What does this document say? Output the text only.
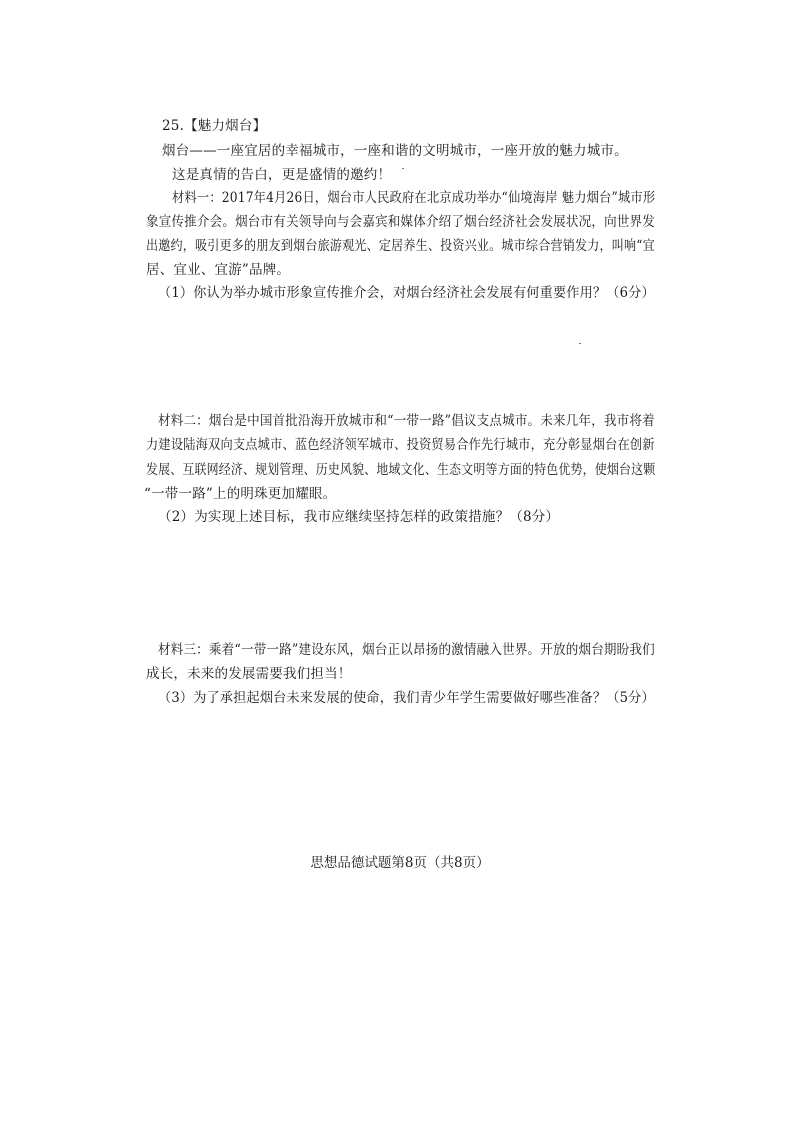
25.【魅力烟台】
烟台——一座宜居的幸福城市，一座和谐的文明城市，一座开放的魅力城市。
这是真情的告白，更是盛情的邀约！
材料一：2017年4月26日，烟台市人民政府在北京成功举办“仙境海岸 魅力烟台”城市形
象宣传推介会。烟台市有关领导向与会嘉宾和媒体介绍了烟台经济社会发展状况，向世界发
出邀约，吸引更多的朋友到烟台旅游观光、定居养生、投资兴业。城市综合营销发力，叫响“宜
居、宜业、宜游”品牌。
（1）你认为举办城市形象宣传推介会，对烟台经济社会发展有何重要作用？（6分）
材料二：烟台是中国首批沿海开放城市和“一带一路”倡议支点城市。未来几年，我市将着
力建设陆海双向支点城市、蓝色经济领军城市、投资贸易合作先行城市，充分彰显烟台在创新
发展、互联网经济、规划管理、历史风貌、地域文化、生态文明等方面的特色优势，使烟台这颗
“一带一路”上的明珠更加耀眼。
（2）为实现上述目标，我市应继续坚持怎样的政策措施？（8分）
材料三：乘着“一带一路”建设东风，烟台正以昂扬的激情融入世界。开放的烟台期盼我们
成长，未来的发展需要我们担当！
（3）为了承担起烟台未来发展的使命，我们青少年学生需要做好哪些准备？（5分）
思想品德试题第8页（共8页）
